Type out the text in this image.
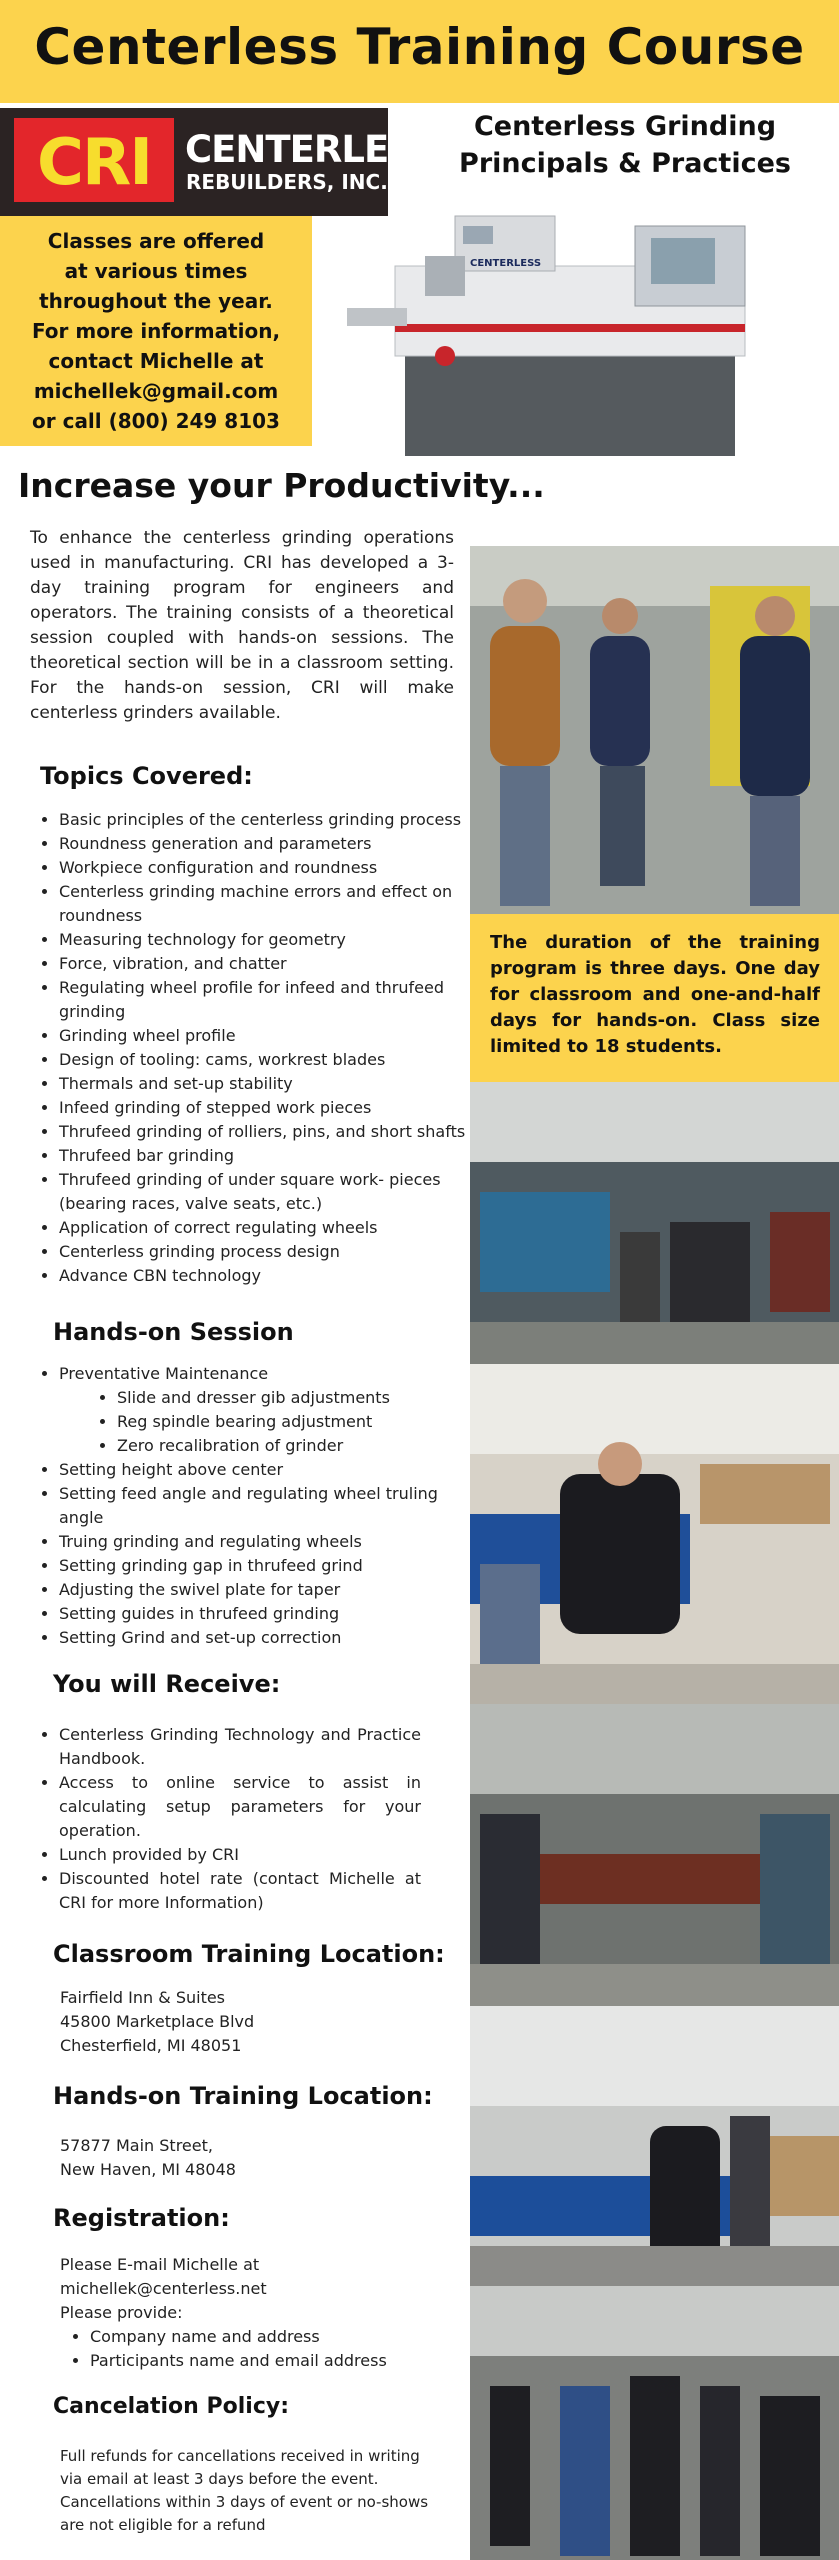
Centerless Training Course
CRI CENTERLESS
REBUILDERS, INC.
Centerless Grinding
Principals & Practices
Classes are offered
at various times
throughout the year.
For more information,
contact Michelle at
michellek@gmail.com
or call (800) 249 8103
CENTERLESS
Increase your Productivity...
To enhance the centerless grinding operations used in manufacturing. CRI has developed a 3-day training program for engineers and operators. The training consists of a theoretical session coupled with hands-on sessions. The theoretical section will be in a classroom setting. For the hands-on session, CRI will make centerless grinders available.
Topics Covered:
• Basic principles of the centerless grinding process
• Roundness generation and parameters
• Workpiece configuration and roundness
• Centerless grinding machine errors and effect on roundness
• Measuring technology for geometry
• Force, vibration, and chatter
• Regulating wheel profile for infeed and thrufeed grinding
• Grinding wheel profile
• Design of tooling: cams, workrest blades
• Thermals and set-up stability
• Infeed grinding of stepped work pieces
• Thrufeed grinding of rolliers, pins, and short shafts
• Thrufeed bar grinding
• Thrufeed grinding of under square work- pieces (bearing races, valve seats, etc.)
• Application of correct regulating wheels
• Centerless grinding process design
• Advance CBN technology
Hands-on Session
• Preventative Maintenance
• Slide and dresser gib adjustments
• Reg spindle bearing adjustment
• Zero recalibration of grinder
• Setting height above center
• Setting feed angle and regulating wheel truling angle
• Truing grinding and regulating wheels
• Setting grinding gap in thrufeed grind
• Adjusting the swivel plate for taper
• Setting guides in thrufeed grinding
• Setting Grind and set-up correction
You will Receive:
• Centerless Grinding Technology and Practice Handbook.
• Access to online service to assist in calculating setup parameters for your operation.
• Lunch provided by CRI
• Discounted hotel rate (contact Michelle at CRI for more Information)
Classroom Training Location:
Fairfield Inn & Suites
45800 Marketplace Blvd
Chesterfield, MI 48051
Hands-on Training Location:
57877 Main Street,
New Haven, MI 48048
Registration:
Please E-mail Michelle at
michellek@centerless.net
Please provide:
• Company name and address
• Participants name and email address
Cancelation Policy:
Full refunds for cancellations received in writing
via email at least 3 days before the event.
Cancellations within 3 days of event or no-shows
are not eligible for a refund
The duration of the training program is three days. One day for classroom and one-and-half days for hands-on. Class size limited to 18 students.
